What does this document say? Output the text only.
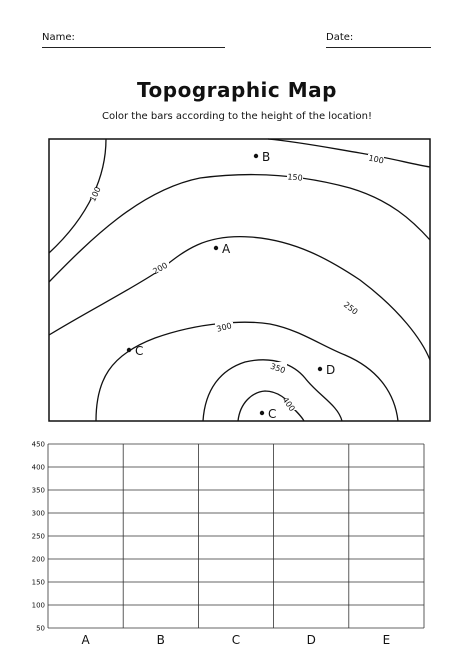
Name:	Date:
Topographic Map
Color the bars according to the height of the location!
100
100
150
200
250
300
350
400
B
A
C
D
C
450
400
350
300
250
200
150
100
50
A	B	C	D	E
